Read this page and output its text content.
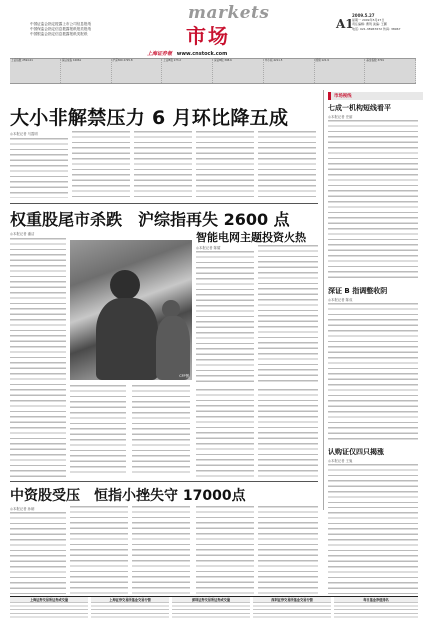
中国证监会指定披露上市公司信息报纸
中国保监会指定信息披露报纸报类报纸
中国银监会指定信息披露报纸类报纸
markets
市场	A1
2009.5.27
星期一 2009年5月27日
责任编辑: 曹利 美编: 王鹏
电话: 021-38967672 传真: 38967
上海证券報 www.cnstock.com
上证指数 2594.01	深证成指 10061	沪深300 2725.8	上证B股 173.2	深证B股 398.6	中小板 4211.5	国债 121.9	基金指数 3701
大小非解禁压力 6 月环比降五成
◎本报记者 马霞明
市场视线
七成一机构短线看平
◎本报记者 史丽
深证 B 指调整收阴
◎本报记者 陈成
认购证仅四只揭涨
◎本报记者 王嵬
权重股尾市杀跌　沪综指再失 2600 点
◎本报记者 潘洁	智能电网主题投资火热
◎本报记者 陈耀
CFP图
中资股受压　恒指小挫失守 17000点
◎本报记者 孙朝
上海证券交易所证券成交量	上海证券交易所基金交易行情	深圳证券交易所证券成交量	深圳证券交易所基金交易行情	每日基金净值排名
